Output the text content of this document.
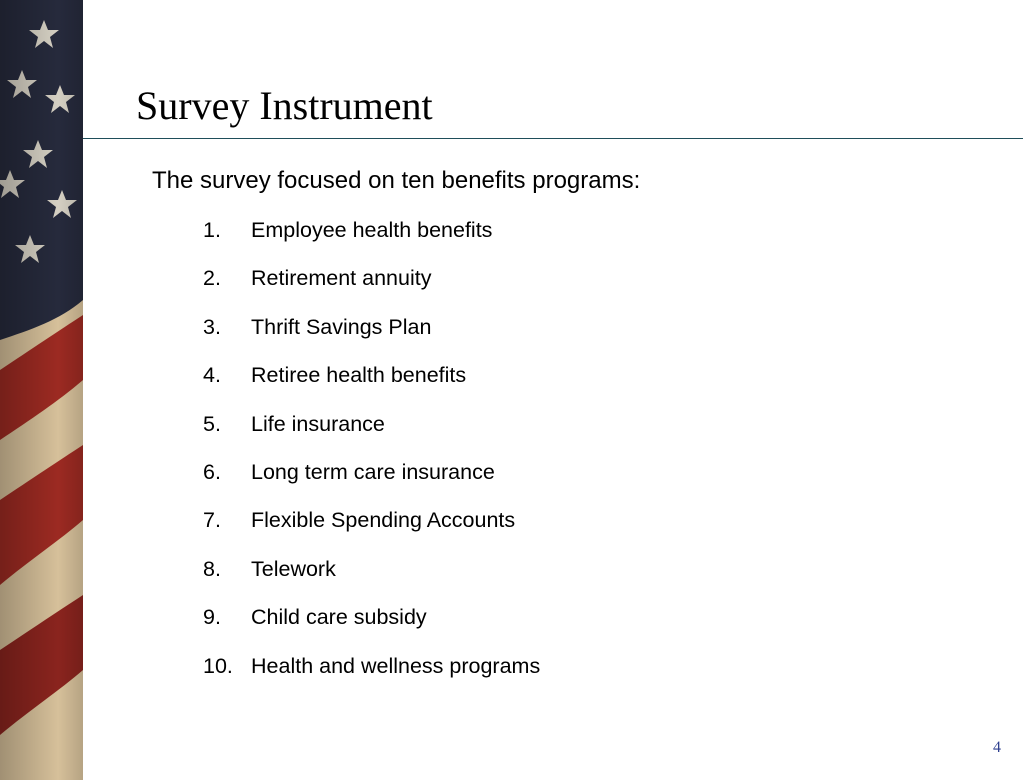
Survey Instrument
The survey focused on ten benefits programs:
1.	Employee health benefits
2.	Retirement annuity
3.	Thrift Savings Plan
4.	Retiree health benefits
5.	Life insurance
6.	Long term care insurance
7.	Flexible Spending Accounts
8.	Telework
9.	Child care subsidy
10. Health and wellness programs
4
